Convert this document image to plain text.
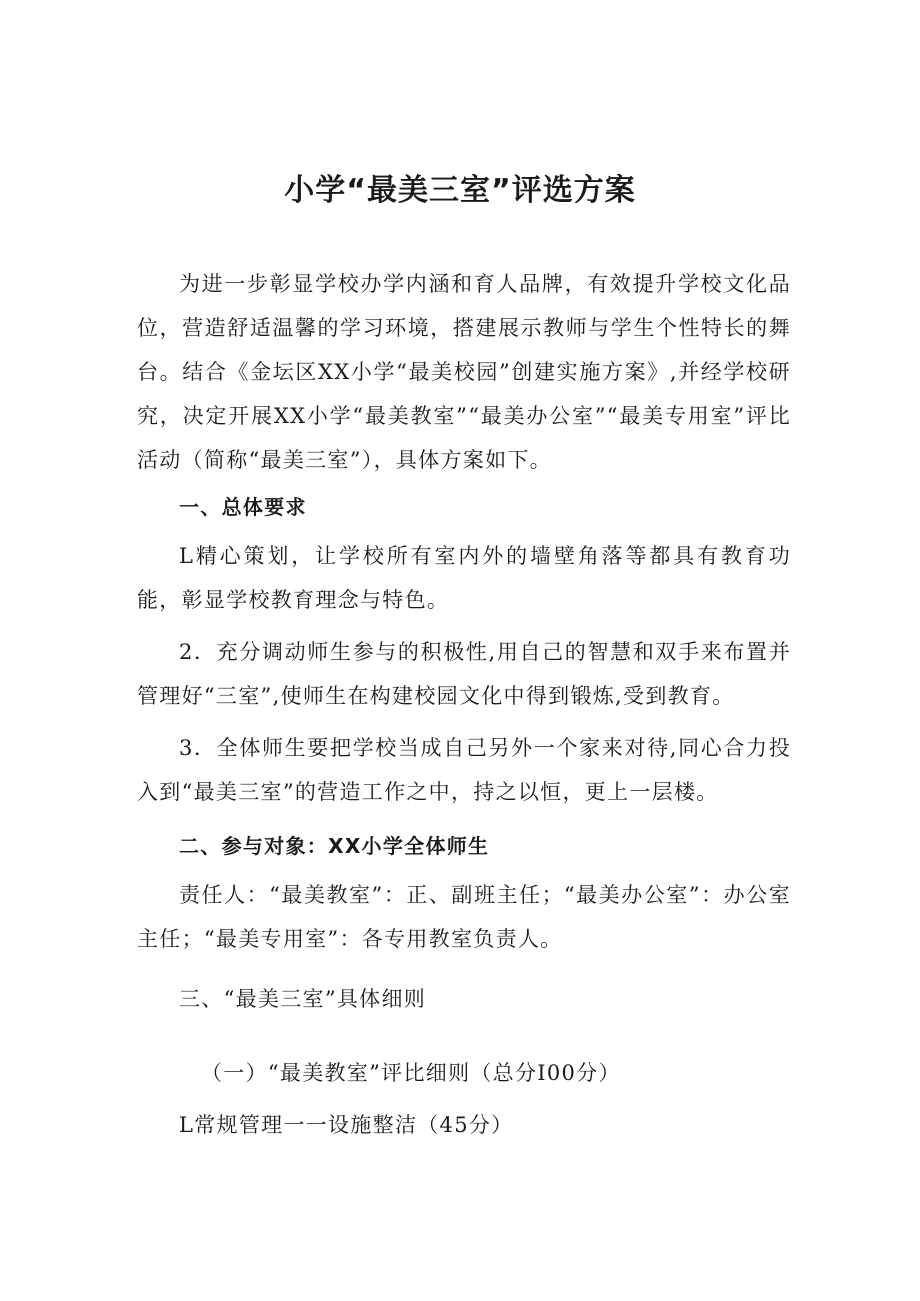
小学“最美三室”评选方案

为进一步彰显学校办学内涵和育人品牌，有效提升学校文化品位，营造舒适温馨的学习环境，搭建展示教师与学生个性特长的舞台。结合《金坛区XX小学“最美校园”创建实施方案》,并经学校研究，决定开展XX小学“最美教室”“最美办公室”“最美专用室”评比活动（简称“最美三室”），具体方案如下。

一、总体要求

L精心策划，让学校所有室内外的墙壁角落等都具有教育功能，彰显学校教育理念与特色。

2．充分调动师生参与的积极性,用自己的智慧和双手来布置并管理好“三室”,使师生在构建校园文化中得到锻炼,受到教育。

3．全体师生要把学校当成自己另外一个家来对待,同心合力投入到“最美三室”的营造工作之中，持之以恒，更上一层楼。

二、参与对象：XX小学全体师生

责任人：“最美教室”：正、副班主任；“最美办公室”：办公室主任；“最美专用室”：各专用教室负责人。

三、“最美三室”具体细则

（一）“最美教室”评比细则（总分I00分）

L常规管理一一设施整洁（45分）
